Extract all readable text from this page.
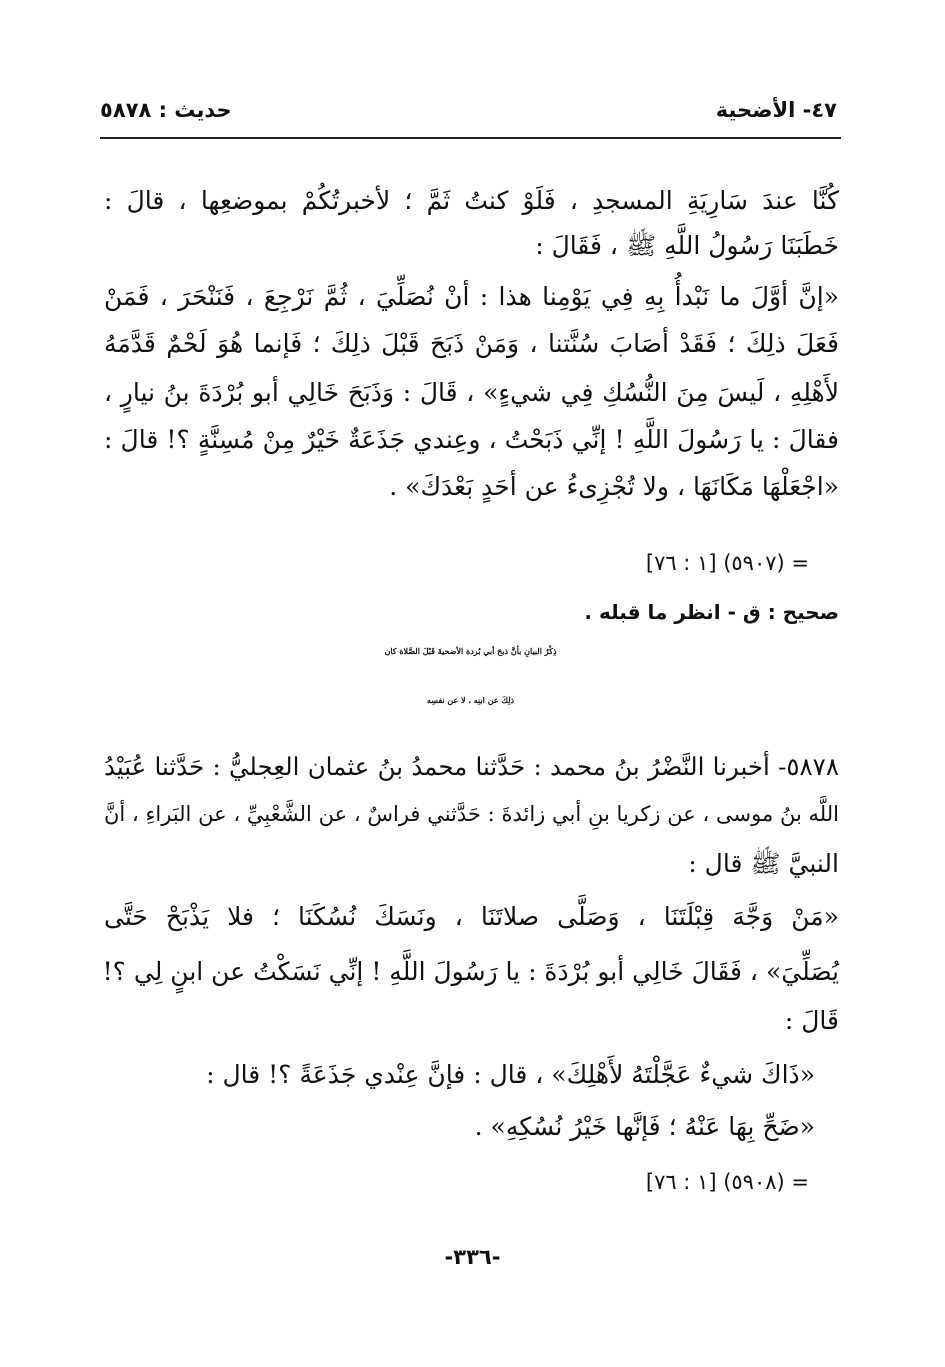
٤٧- الأضحية
حديث : ٥٨٧٨
كُنَّا عندَ سَارِيَةِ المسجدِ ، فَلَوْ كنتُ ثَمَّ ؛ لأخبرتُكُمْ بموضعِها ، قالَ :
خَطَبَنَا رَسُولُ اللَّهِ ﷺ ، فَقَالَ :
«إنَّ أوَّلَ ما نَبْدأُ بِهِ فِي يَوْمِنا هذا : أنْ نُصَلِّيَ ، ثُمَّ نَرْجِعَ ، فَنَنْحَرَ ، فَمَنْ
فَعَلَ ذلِكَ ؛ فَقَدْ أصَابَ سُنَّتنا ، وَمَنْ ذَبَحَ قَبْلَ ذلِكَ ؛ فَإنما هُوَ لَحْمٌ قَدَّمَهُ
لأَهْلِهِ ، لَيسَ مِنَ النُّسُكِ فِي شيءٍ» ، قَالَ : وَذَبَحَ خَالِي أبو بُرْدَةَ بنُ نيارٍ ،
فقالَ : يا رَسُولَ اللَّهِ ! إنِّي ذَبَحْتُ ، وعِندي جَذَعَةٌ خَيْرٌ مِنْ مُسِنَّةٍ ؟! قالَ :
«اجْعَلْهَا مَكَانَهَا ، ولا تُجْزِىءُ عن أحَدٍ بَعْدَكَ» .
= (٥٩٠٧) [١ : ٧٦]
صحيح : ق - انظر ما قبله .
ذِكْرُ البيانِ بأنَّ ذبحَ أبي بُردة الأضحيةَ قَبْلَ الصَّلاة كان
ذلِكَ عن ابنِه ، لا عن نفسِه
٥٨٧٨- أخبرنا النَّضْرُ بنُ محمد : حَدَّثنا محمدُ بنُ عثمان العِجليُّ : حَدَّثنا عُبَيْدُ
اللَّه بنُ موسى ، عن زكريا بنِ أبي زائدةَ : حَدَّثني فراسٌ ، عن الشَّعْبِيِّ ، عن البَراءِ ، أنَّ
النبيَّ ﷺ قال :
«مَنْ وَجَّهَ قِبْلَتَنَا ، وَصَلَّى صلاتَنَا ، ونَسَكَ نُسُكَنَا ؛ فلا يَذْبَحْ حَتَّى
يُصَلِّيَ» ، فَقَالَ خَالِي أبو بُرْدَةَ : يا رَسُولَ اللَّهِ ! إنِّي نَسَكْتُ عن ابنٍ لِي ؟!
قَالَ :
«ذَاكَ شيءٌ عَجَّلْتَهُ لأَهْلِكَ» ، قال : فإنَّ عِنْدي جَذَعَةً ؟! قال :
«ضَحِّ بِهَا عَنْهُ ؛ فَإنَّها خَيْرُ نُسُكِهِ» .
= (٥٩٠٨) [١ : ٧٦]
-٣٣٦-
